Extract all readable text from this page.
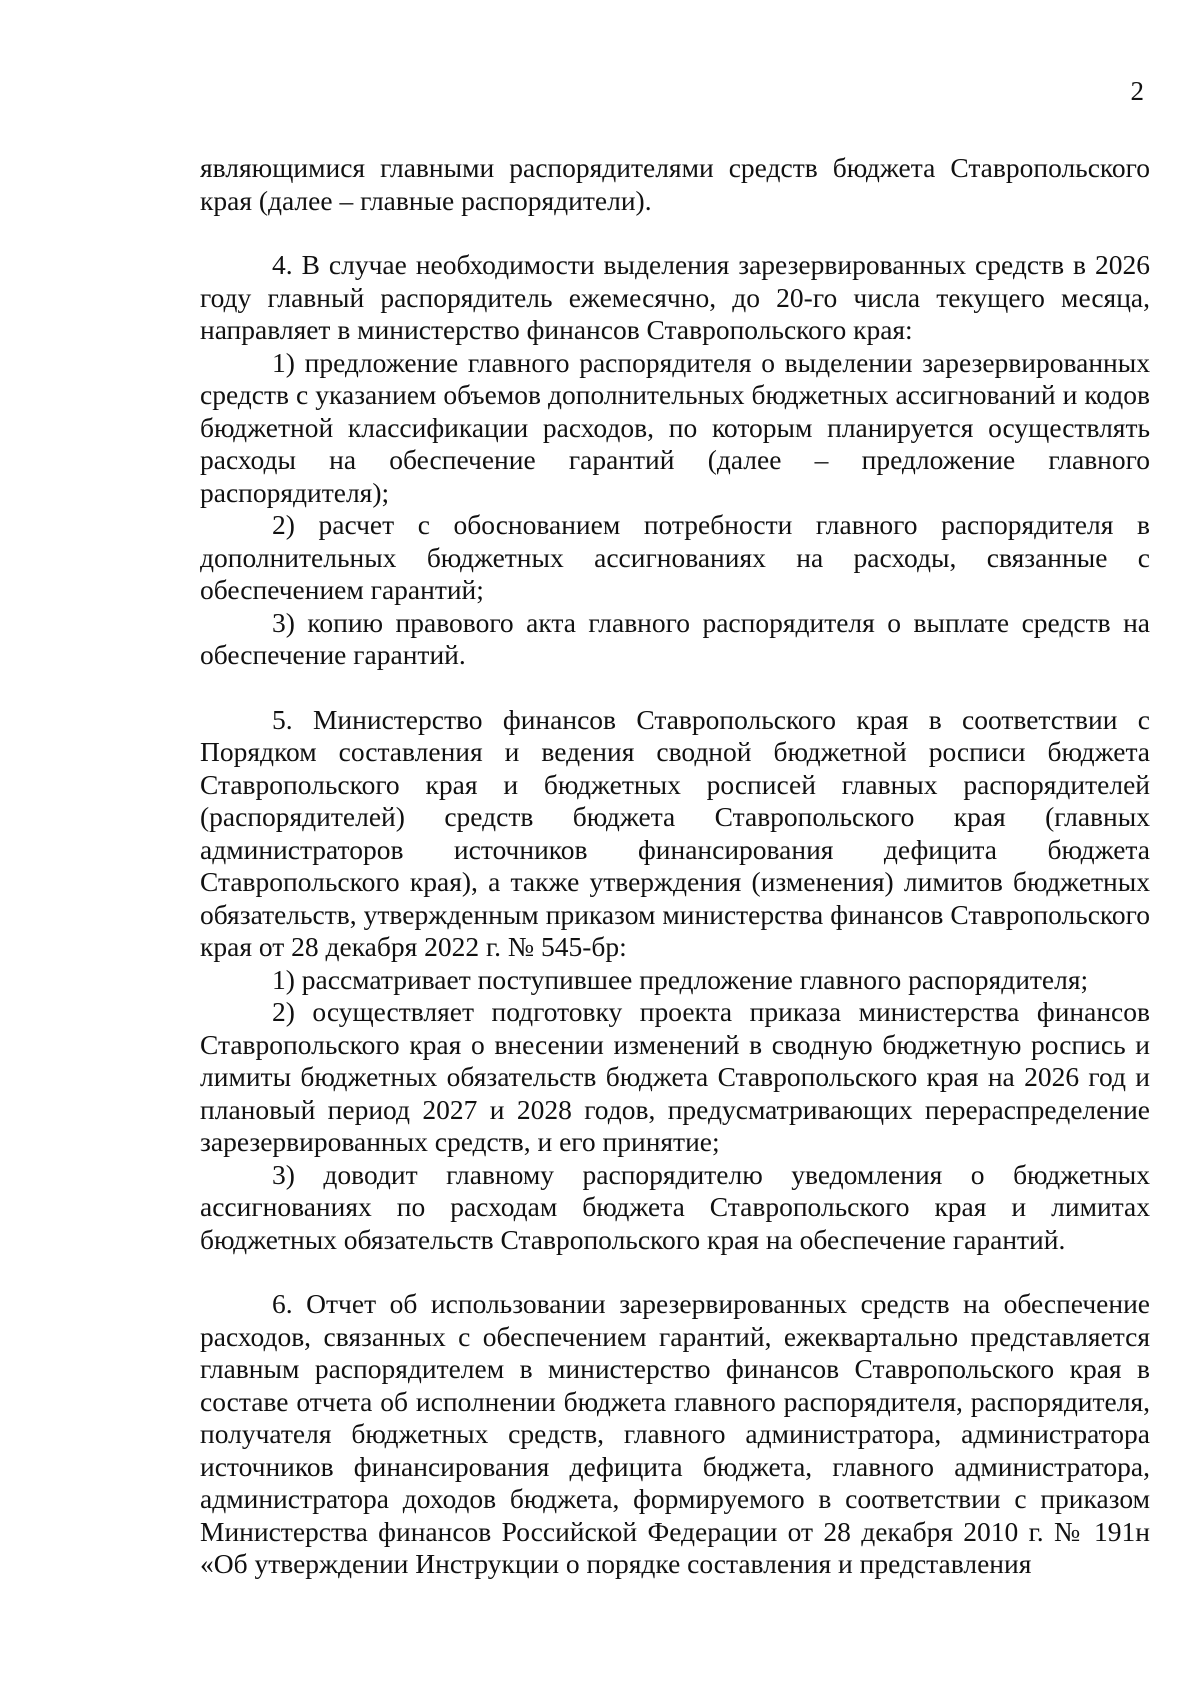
2

являющимися главными распорядителями средств бюджета Ставропольского края (далее – главные распорядители).

4. В случае необходимости выделения зарезервированных средств в 2026 году главный распорядитель ежемесячно, до 20-го числа текущего месяца, направляет в министерство финансов Ставропольского края:

1) предложение главного распорядителя о выделении зарезервированных средств с указанием объемов дополнительных бюджетных ассигнований и кодов бюджетной классификации расходов, по которым планируется осуществлять расходы на обеспечение гарантий (далее – предложение главного распорядителя);

2) расчет с обоснованием потребности главного распорядителя в дополнительных бюджетных ассигнованиях на расходы, связанные с обеспечением гарантий;

3) копию правового акта главного распорядителя о выплате средств на обеспечение гарантий.

5. Министерство финансов Ставропольского края в соответствии с Порядком составления и ведения сводной бюджетной росписи бюджета Ставропольского края и бюджетных росписей главных распорядителей (распорядителей) средств бюджета Ставропольского края (главных администраторов источников финансирования дефицита бюджета Ставропольского края), а также утверждения (изменения) лимитов бюджетных обязательств, утвержденным приказом министерства финансов Ставропольского края от 28 декабря 2022 г. № 545-бр:

1) рассматривает поступившее предложение главного распорядителя;

2) осуществляет подготовку проекта приказа министерства финансов Ставропольского края о внесении изменений в сводную бюджетную роспись и лимиты бюджетных обязательств бюджета Ставропольского края на 2026 год и плановый период 2027 и 2028 годов, предусматривающих перераспределение зарезервированных средств, и его принятие;

3) доводит главному распорядителю уведомления о бюджетных ассигнованиях по расходам бюджета Ставропольского края и лимитах бюджетных обязательств Ставропольского края на обеспечение гарантий.

6. Отчет об использовании зарезервированных средств на обеспечение расходов, связанных с обеспечением гарантий, ежеквартально представляется главным распорядителем в министерство финансов Ставропольского края в составе отчета об исполнении бюджета главного распорядителя, распорядителя, получателя бюджетных средств, главного администратора, администратора источников финансирования дефицита бюджета, главного администратора, администратора доходов бюджета, формируемого в соответствии с приказом Министерства финансов Российской Федерации от 28 декабря 2010 г. № 191н «Об утверждении Инструкции о порядке составления и представления
